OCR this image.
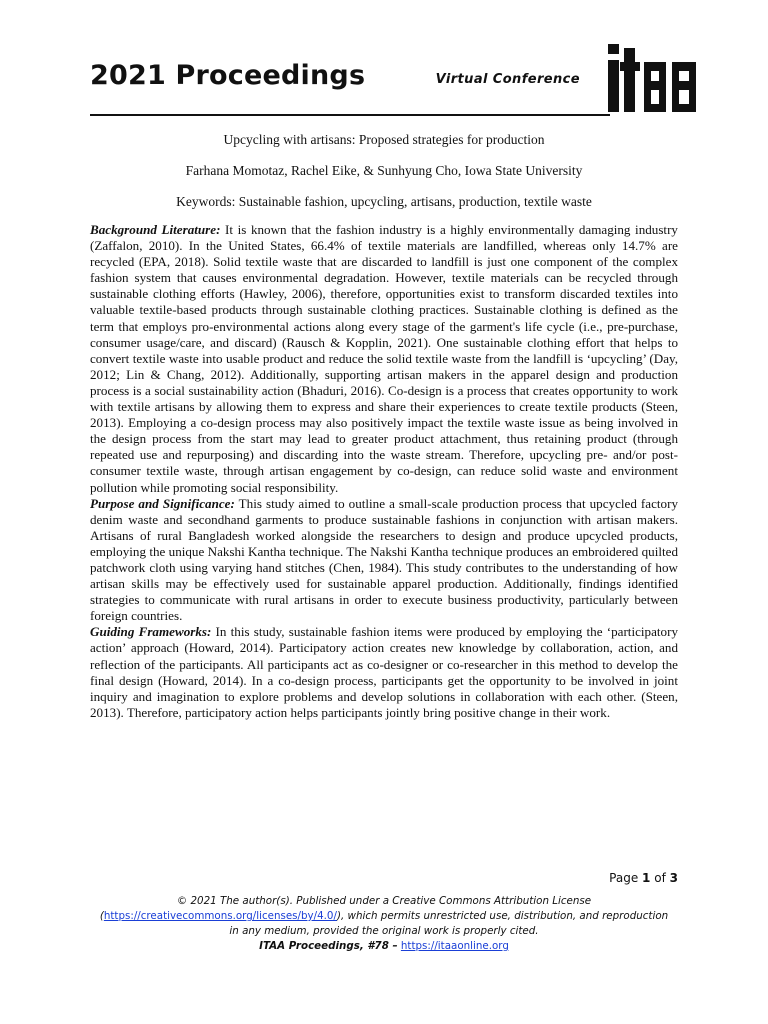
2021 Proceedings	Virtual Conference
Upcycling with artisans: Proposed strategies for production
Farhana Momotaz, Rachel Eike, & Sunhyung Cho, Iowa State University
Keywords: Sustainable fashion, upcycling, artisans, production, textile waste

Background Literature: It is known that the fashion industry is a highly environmentally damaging industry (Zaffalon, 2010). In the United States, 66.4% of textile materials are landfilled, whereas only 14.7% are recycled (EPA, 2018). Solid textile waste that are discarded to landfill is just one component of the complex fashion system that causes environmental degradation. However, textile materials can be recycled through sustainable clothing efforts (Hawley, 2006), therefore, opportunities exist to transform discarded textiles into valuable textile-based products through sustainable clothing practices. Sustainable clothing is defined as the term that employs pro-environmental actions along every stage of the garment's life cycle (i.e., pre-purchase, consumer usage/care, and discard) (Rausch & Kopplin, 2021). One sustainable clothing effort that helps to convert textile waste into usable product and reduce the solid textile waste from the landfill is ‘upcycling’ (Day, 2012; Lin & Chang, 2012). Additionally, supporting artisan makers in the apparel design and production process is a social sustainability action (Bhaduri, 2016). Co-design is a process that creates opportunity to work with textile artisans by allowing them to express and share their experiences to create textile products (Steen, 2013). Employing a co-design process may also positively impact the textile waste issue as being involved in the design process from the start may lead to greater product attachment, thus retaining product (through repeated use and repurposing) and discarding into the waste stream. Therefore, upcycling pre- and/or post- consumer textile waste, through artisan engagement by co-design, can reduce solid waste and environment pollution while promoting social responsibility.

Purpose and Significance: This study aimed to outline a small-scale production process that upcycled factory denim waste and secondhand garments to produce sustainable fashions in conjunction with artisan makers. Artisans of rural Bangladesh worked alongside the researchers to design and produce upcycled products, employing the unique Nakshi Kantha technique. The Nakshi Kantha technique produces an embroidered quilted patchwork cloth using varying hand stitches (Chen, 1984). This study contributes to the understanding of how artisan skills may be effectively used for sustainable apparel production. Additionally, findings identified strategies to communicate with rural artisans in order to execute business productivity, particularly between foreign countries.

Guiding Frameworks: In this study, sustainable fashion items were produced by employing the ‘participatory action’ approach (Howard, 2014). Participatory action creates new knowledge by collaboration, action, and reflection of the participants. All participants act as co-designer or co-researcher in this method to develop the final design (Howard, 2014). In a co-design process, participants get the opportunity to be involved in joint inquiry and imagination to explore problems and develop solutions in collaboration with each other. (Steen, 2013). Therefore, participatory action helps participants jointly bring positive change in their work.

Page 1 of 3
© 2021 The author(s). Published under a Creative Commons Attribution License
(https://creativecommons.org/licenses/by/4.0/), which permits unrestricted use, distribution, and reproduction
in any medium, provided the original work is properly cited.
ITAA Proceedings, #78 – https://itaaonline.org
